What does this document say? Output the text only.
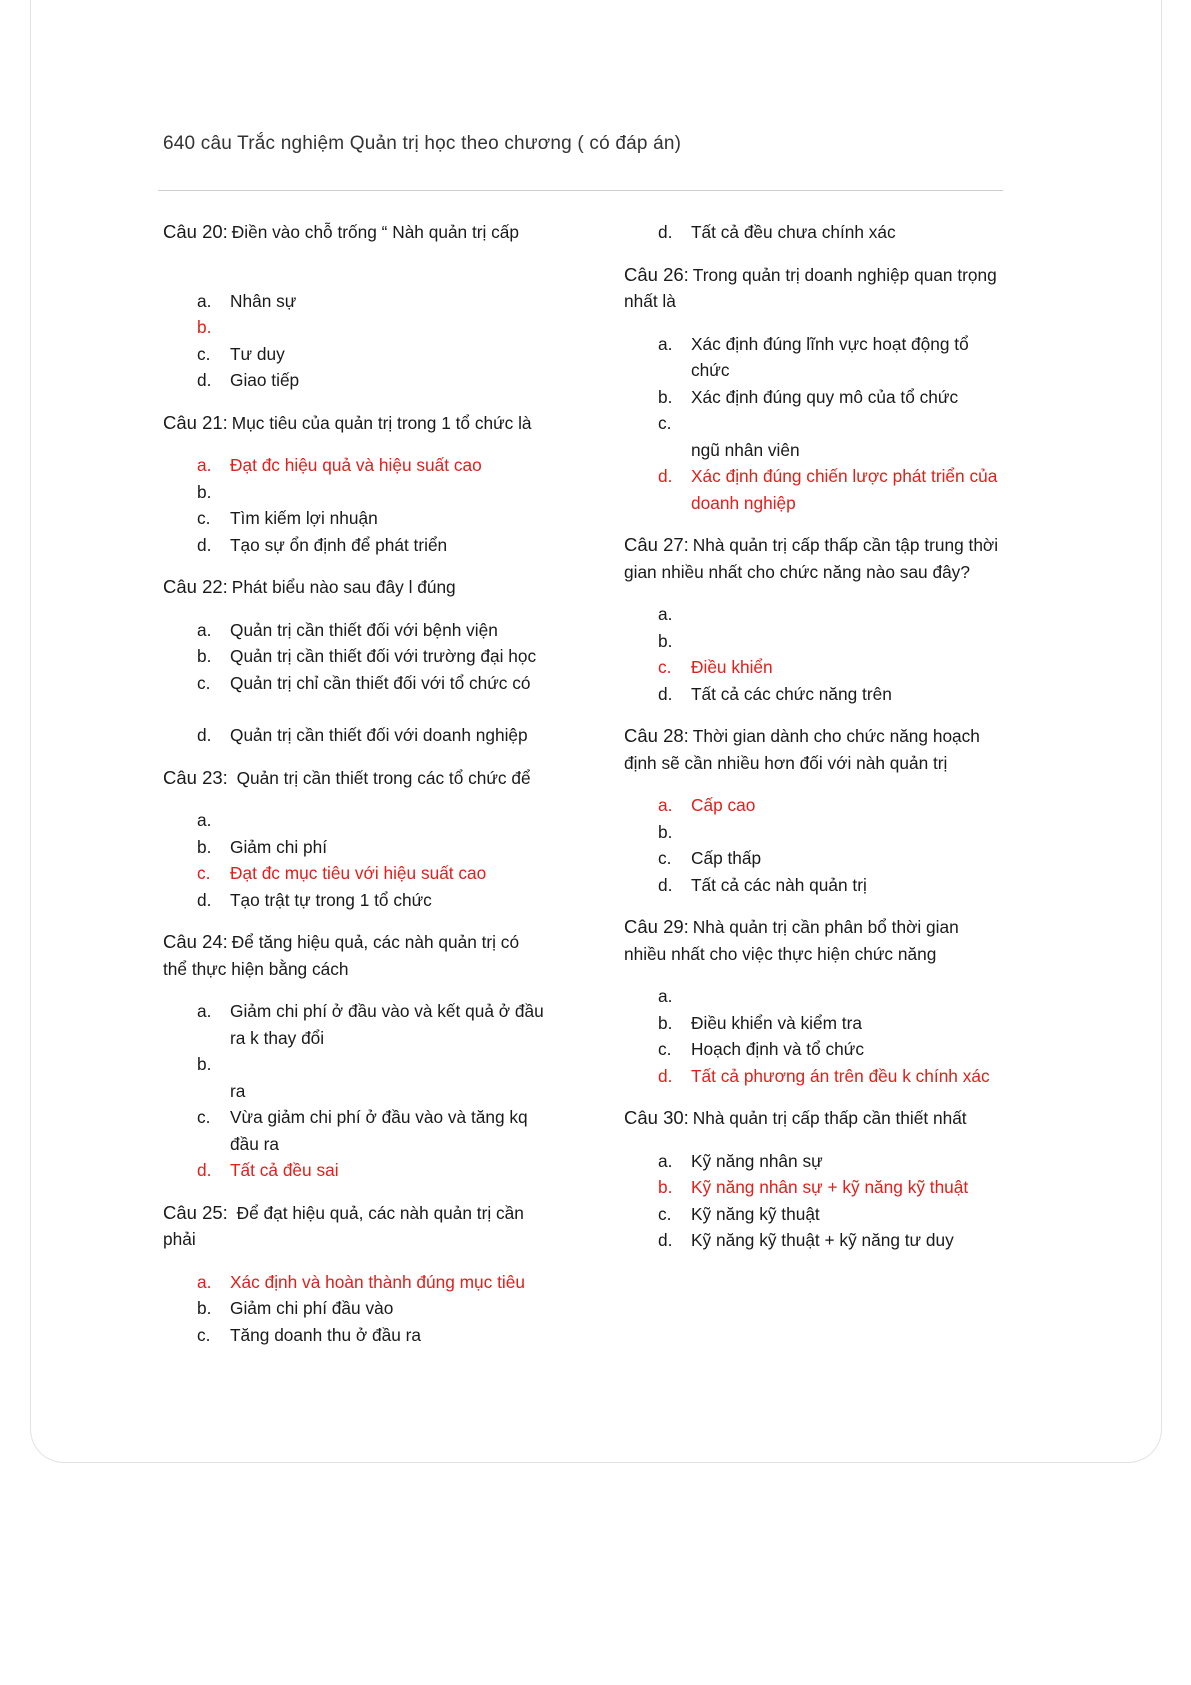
640 câu Trắc nghiệm Quản trị học theo chương ( có đáp án)
Câu 20: Điền vào chỗ trống “ Nàh quản trị cấp
a. Nhân sự
b.
c. Tư duy
d. Giao tiếp
Câu 21: Mục tiêu của quản trị trong 1 tổ chức là
a. Đạt đc hiệu quả và hiệu suất cao
b.
c. Tìm kiếm lợi nhuận
d. Tạo sự ổn định để phát triển
Câu 22: Phát biểu nào sau đây l đúng
a. Quản trị cần thiết đối với bệnh viện
b. Quản trị cần thiết đối với trường đại học
c. Quản trị chỉ cần thiết đối với tổ chức có
d. Quản trị cần thiết đối với doanh nghiệp
Câu 23: Quản trị cần thiết trong các tổ chức để
a.
b. Giảm chi phí
c. Đạt đc mục tiêu với hiệu suất cao
d. Tạo trật tự trong 1 tổ chức
Câu 24: Để tăng hiệu quả, các nàh quản trị có
thể thực hiện bằng cách
a. Giảm chi phí ở đầu vào và kết quả ở đầu
ra k thay đổi
b.
ra
c. Vừa giảm chi phí ở đầu vào và tăng kq
đầu ra
d. Tất cả đều sai
Câu 25: Để đạt hiệu quả, các nàh quản trị cần
phải
a. Xác định và hoàn thành đúng mục tiêu
b. Giảm chi phí đầu vào
c. Tăng doanh thu ở đầu ra
d. Tất cả đều chưa chính xác
Câu 26: Trong quản trị doanh nghiệp quan trọng
nhất là
a. Xác định đúng lĩnh vực hoạt động tổ
chức
b. Xác định đúng quy mô của tổ chức
c.
ngũ nhân viên
d. Xác định đúng chiến lược phát triển của
doanh nghiệp
Câu 27: Nhà quản trị cấp thấp cần tập trung thời
gian nhiều nhất cho chức năng nào sau đây?
a.
b.
c. Điều khiển
d. Tất cả các chức năng trên
Câu 28: Thời gian dành cho chức năng hoạch
định sẽ cần nhiều hơn đối với nàh quản trị
a. Cấp cao
b.
c. Cấp thấp
d. Tất cả các nàh quản trị
Câu 29: Nhà quản trị cần phân bổ thời gian
nhiều nhất cho việc thực hiện chức năng
a.
b. Điều khiển và kiểm tra
c. Hoạch định và tổ chức
d. Tất cả phương án trên đều k chính xác
Câu 30: Nhà quản trị cấp thấp cần thiết nhất
a. Kỹ năng nhân sự
b. Kỹ năng nhân sự + kỹ năng kỹ thuật
c. Kỹ năng kỹ thuật
d. Kỹ năng kỹ thuật + kỹ năng tư duy
